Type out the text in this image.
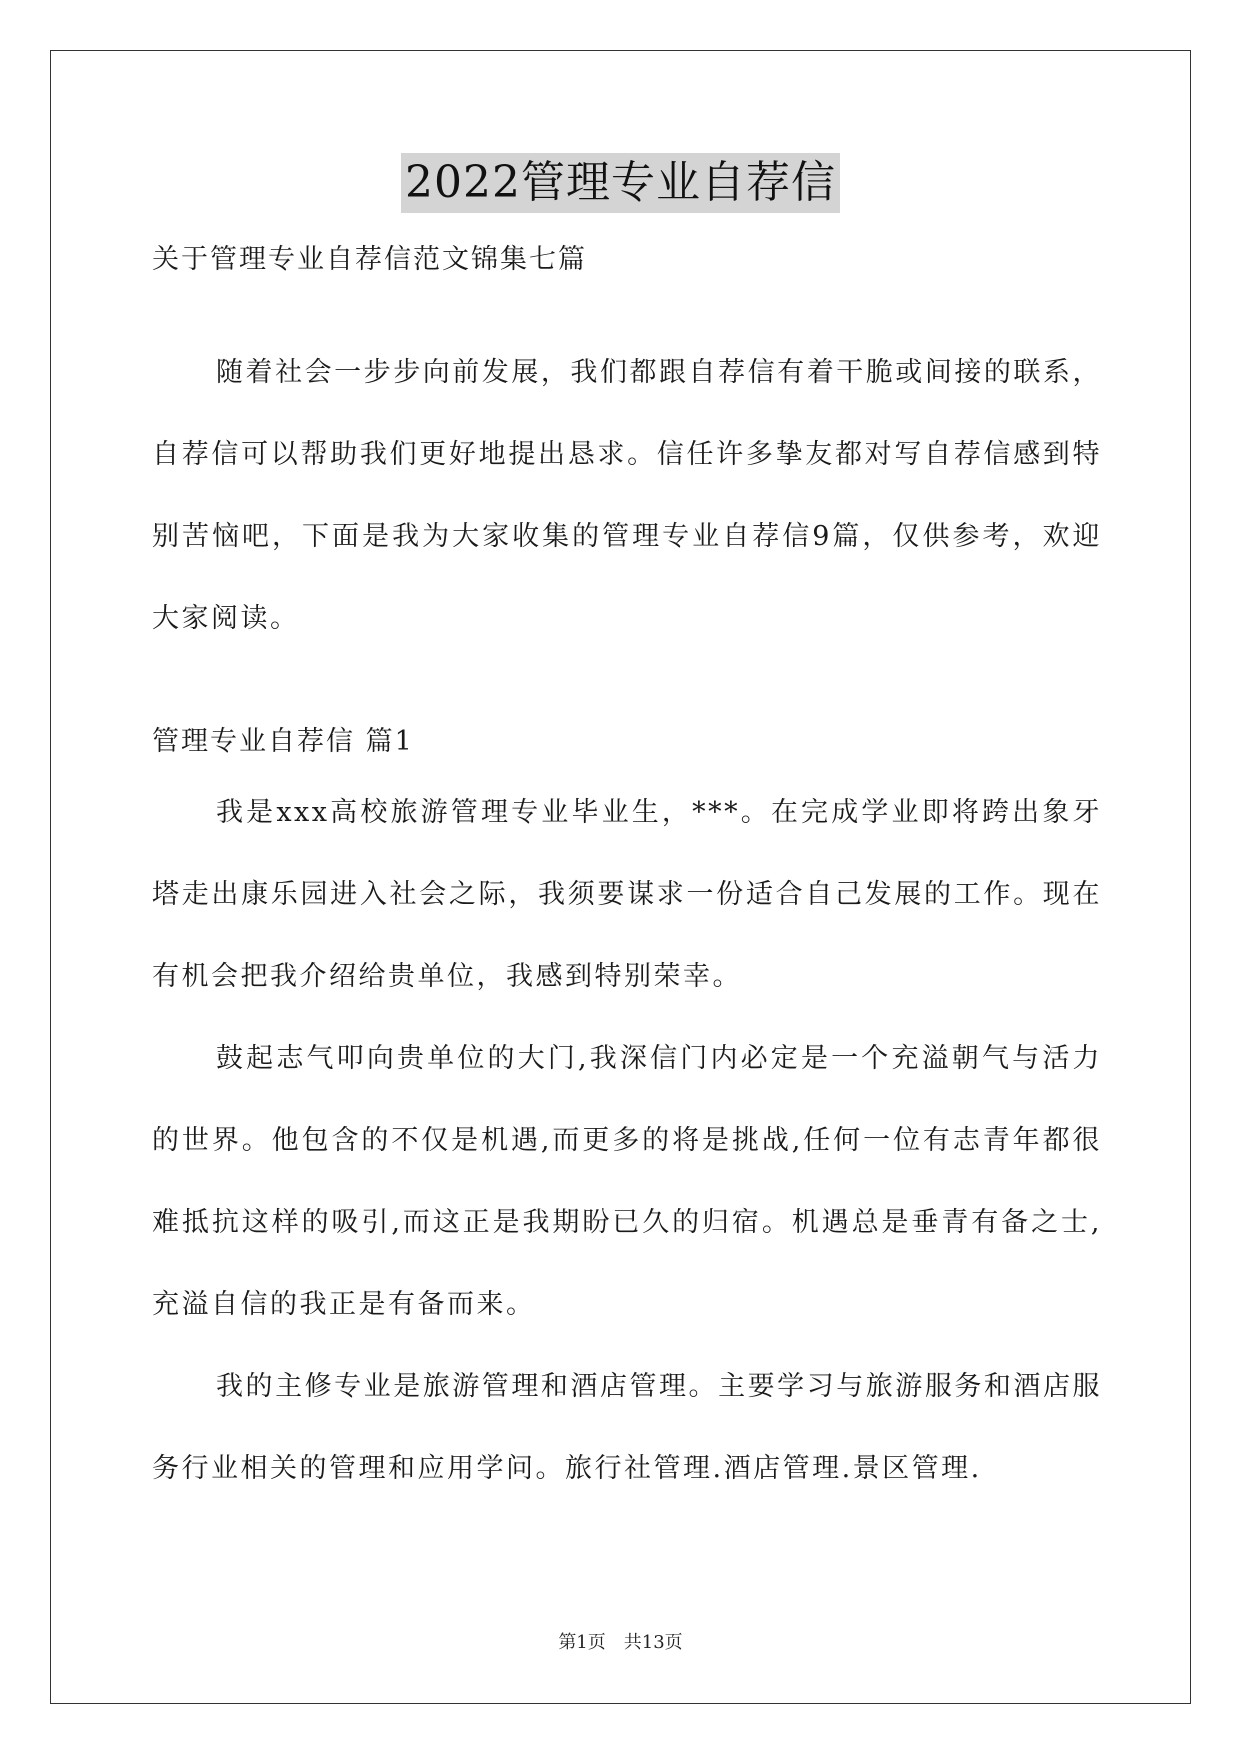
2022管理专业自荐信

关于管理专业自荐信范文锦集七篇

随着社会一步步向前发展，我们都跟自荐信有着干脆或间接的联系，自荐信可以帮助我们更好地提出恳求。信任许多挚友都对写自荐信感到特别苦恼吧，下面是我为大家收集的管理专业自荐信9篇，仅供参考，欢迎大家阅读。

管理专业自荐信 篇1

我是xxx高校旅游管理专业毕业生，***。在完成学业即将跨出象牙塔走出康乐园进入社会之际，我须要谋求一份适合自己发展的工作。现在有机会把我介绍给贵单位，我感到特别荣幸。

鼓起志气叩向贵单位的大门,我深信门内必定是一个充溢朝气与活力的世界。他包含的不仅是机遇,而更多的将是挑战,任何一位有志青年都很难抵抗这样的吸引,而这正是我期盼已久的归宿。机遇总是垂青有备之士,充溢自信的我正是有备而来。

我的主修专业是旅游管理和酒店管理。主要学习与旅游服务和酒店服务行业相关的管理和应用学问。旅行社管理.酒店管理.景区管理.

第1页　共13页
